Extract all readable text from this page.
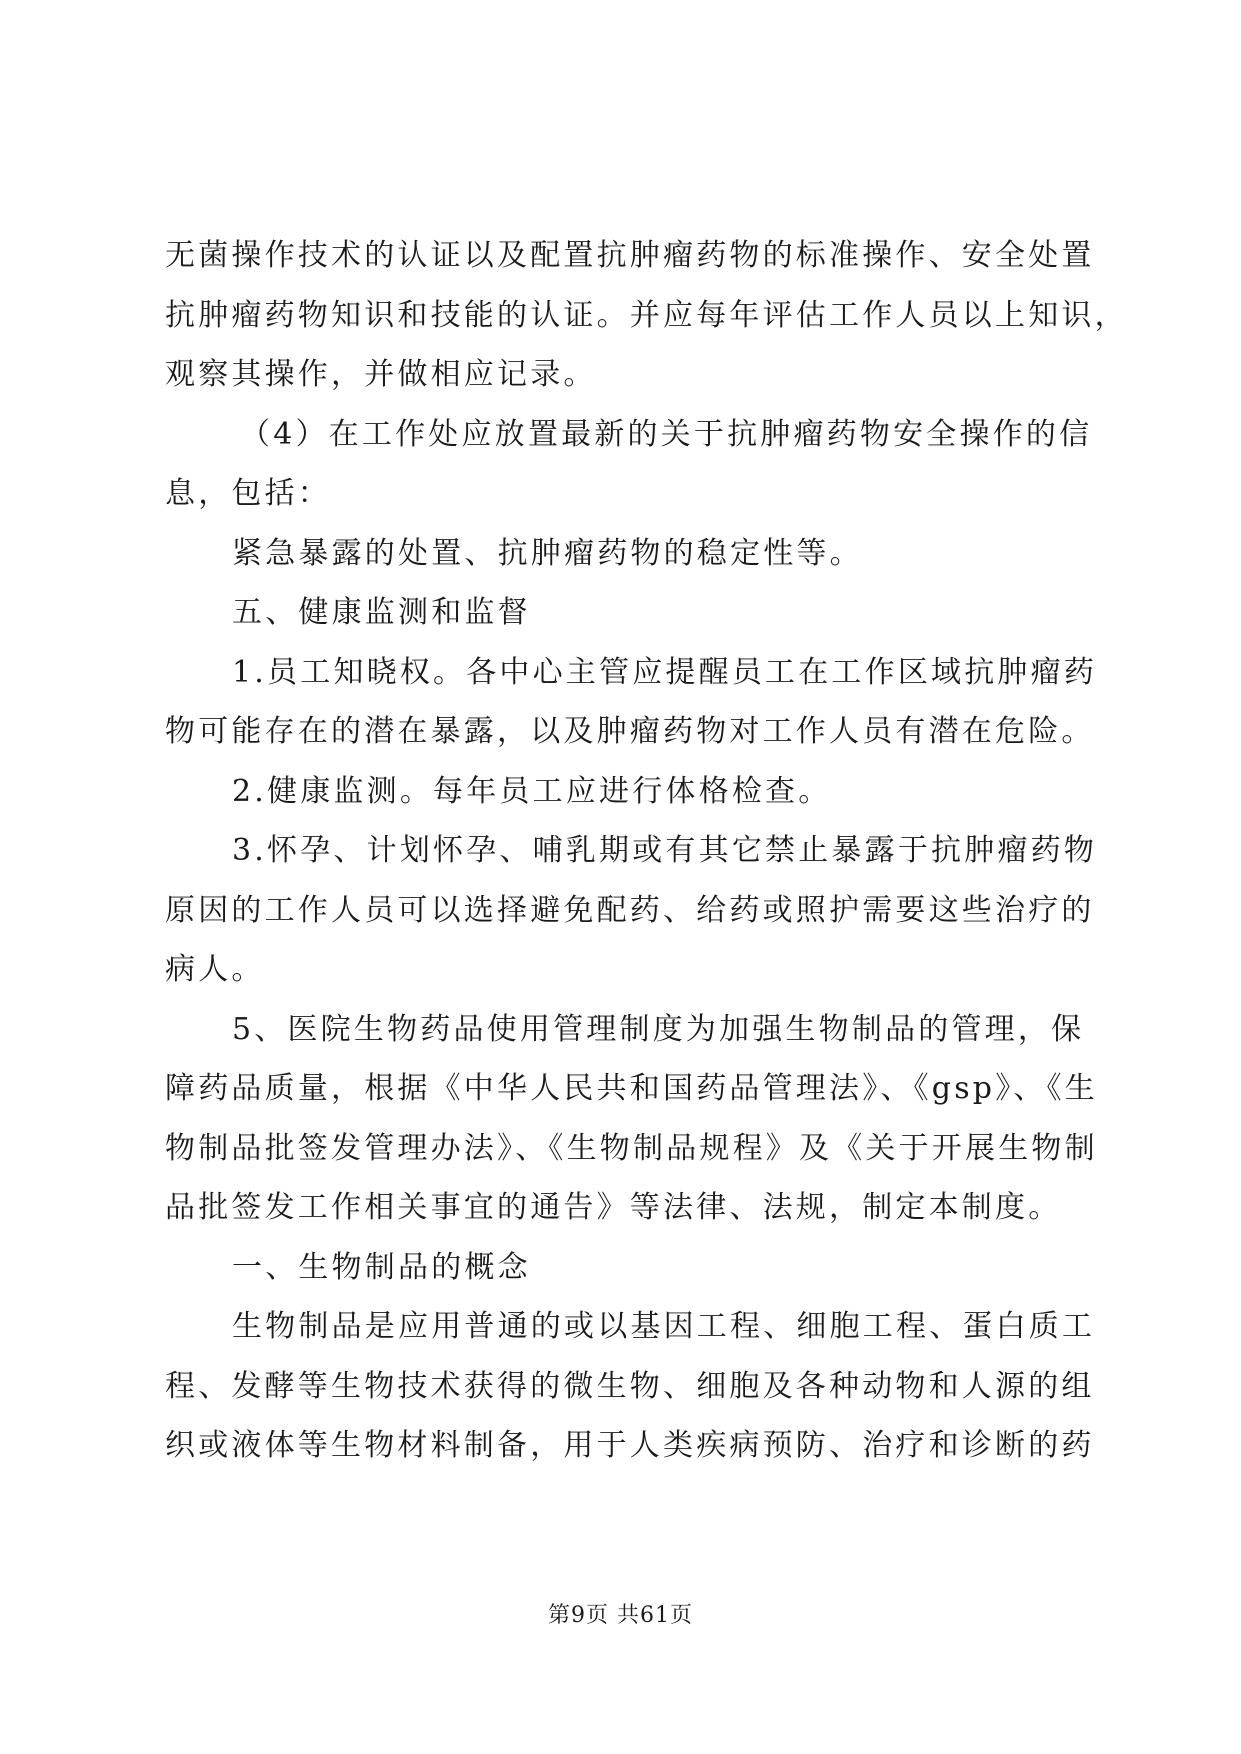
无菌操作技术的认证以及配置抗肿瘤药物的标准操作、安全处置
抗肿瘤药物知识和技能的认证。并应每年评估工作人员以上知识，
观察其操作，并做相应记录。
（4）在工作处应放置最新的关于抗肿瘤药物安全操作的信
息，包括：
紧急暴露的处置、抗肿瘤药物的稳定性等。
五、健康监测和监督
1.员工知晓权。各中心主管应提醒员工在工作区域抗肿瘤药
物可能存在的潜在暴露，以及肿瘤药物对工作人员有潜在危险。
2.健康监测。每年员工应进行体格检查。
3.怀孕、计划怀孕、哺乳期或有其它禁止暴露于抗肿瘤药物
原因的工作人员可以选择避免配药、给药或照护需要这些治疗的
病人。
5、医院生物药品使用管理制度为加强生物制品的管理，保
障药品质量，根据《中华人民共和国药品管理法》、《gsp》、《生
物制品批签发管理办法》、《生物制品规程》及《关于开展生物制
品批签发工作相关事宜的通告》等法律、法规，制定本制度。
一、生物制品的概念
生物制品是应用普通的或以基因工程、细胞工程、蛋白质工
程、发酵等生物技术获得的微生物、细胞及各种动物和人源的组
织或液体等生物材料制备，用于人类疾病预防、治疗和诊断的药
第9页 共61页
